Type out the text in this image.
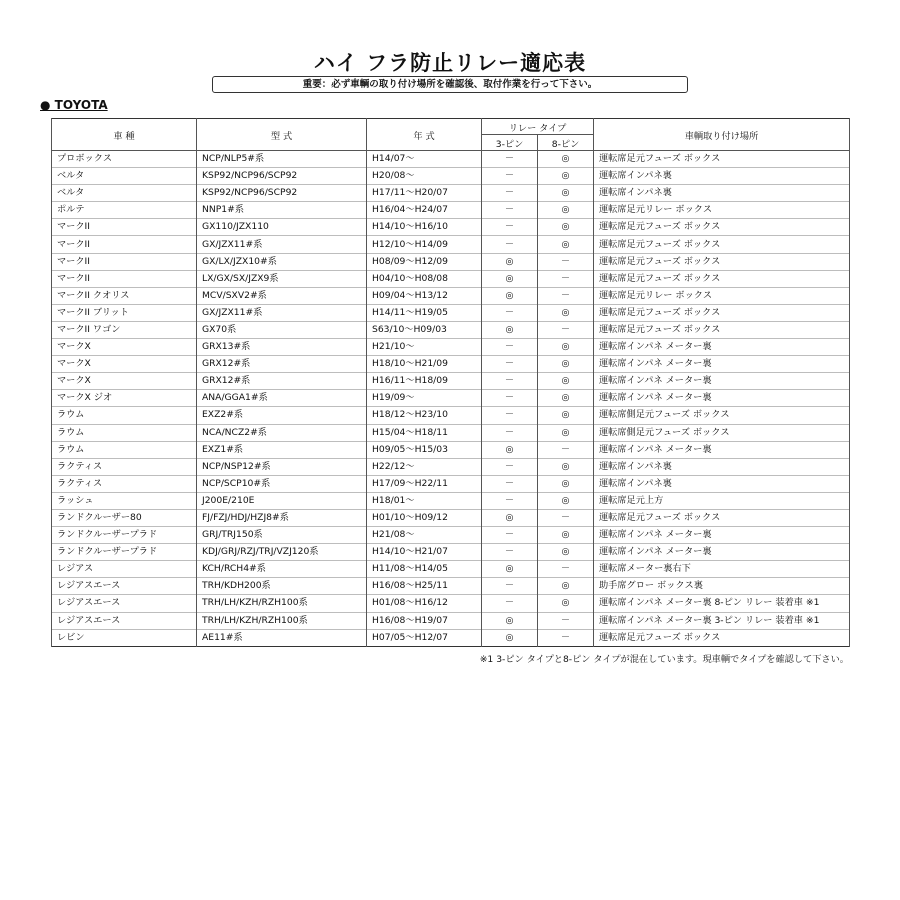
ハイ フラ防止リレー適応表
重要：必ず車輌の取り付け場所を確認後、取付作業を行って下さい。
● TOYOTA
車 種	型 式	年 式	リレー タイプ		車輌取り付け場所
			3-ピン	8-ピン	
プロボックス	NCP/NLP5#系	H14/07～	－	◎	運転席足元フューズ ボックス
ベルタ	KSP92/NCP96/SCP92	H20/08～	－	◎	運転席インパネ裏
ベルタ	KSP92/NCP96/SCP92	H17/11～H20/07	－	◎	運転席インパネ裏
ポルテ	NNP1#系	H16/04～H24/07	－	◎	運転席足元リレー ボックス
マークII	GX110/JZX110	H14/10～H16/10	－	◎	運転席足元フューズ ボックス
マークII	GX/JZX11#系	H12/10～H14/09	－	◎	運転席足元フューズ ボックス
マークII	GX/LX/JZX10#系	H08/09～H12/09	◎	－	運転席足元フューズ ボックス
マークII	LX/GX/SX/JZX9系	H04/10～H08/08	◎	－	運転席足元フューズ ボックス
マークII クオリス	MCV/SXV2#系	H09/04～H13/12	◎	－	運転席足元リレー ボックス
マークII ブリット	GX/JZX11#系	H14/11～H19/05	－	◎	運転席足元フューズ ボックス
マークII ワゴン	GX70系	S63/10～H09/03	◎	－	運転席足元フューズ ボックス
マークX	GRX13#系	H21/10～	－	◎	運転席インパネ メーター裏
マークX	GRX12#系	H18/10～H21/09	－	◎	運転席インパネ メーター裏
マークX	GRX12#系	H16/11～H18/09	－	◎	運転席インパネ メーター裏
マークX ジオ	ANA/GGA1#系	H19/09～	－	◎	運転席インパネ メーター裏
ラウム	EXZ2#系	H18/12～H23/10	－	◎	運転席側足元フューズ ボックス
ラウム	NCA/NCZ2#系	H15/04～H18/11	－	◎	運転席側足元フューズ ボックス
ラウム	EXZ1#系	H09/05～H15/03	◎	－	運転席インパネ メーター裏
ラクティス	NCP/NSP12#系	H22/12～	－	◎	運転席インパネ裏
ラクティス	NCP/SCP10#系	H17/09～H22/11	－	◎	運転席インパネ裏
ラッシュ	J200E/210E	H18/01～	－	◎	運転席足元上方
ランドクルーザー80	FJ/FZJ/HDJ/HZJ8#系	H01/10～H09/12	◎	－	運転席足元フューズ ボックス
ランドクルーザープラド	GRJ/TRJ150系	H21/08～	－	◎	運転席インパネ メーター裏
ランドクルーザープラド	KDJ/GRJ/RZJ/TRJ/VZJ120系	H14/10～H21/07	－	◎	運転席インパネ メーター裏
レジアス	KCH/RCH4#系	H11/08～H14/05	◎	－	運転席メーター裏右下
レジアスエース	TRH/KDH200系	H16/08～H25/11	－	◎	助手席グロー ボックス裏
レジアスエース	TRH/LH/KZH/RZH100系	H01/08～H16/12	－	◎	運転席インパネ メーター裏 8-ピン リレー 装着車 ※1
レジアスエース	TRH/LH/KZH/RZH100系	H16/08～H19/07	◎	－	運転席インパネ メーター裏 3-ピン リレー 装着車 ※1
レビン	AE11#系	H07/05～H12/07	◎	－	運転席足元フューズ ボックス
※1 3-ピン タイプと8-ピン タイプが混在しています。現車輌でタイプを確認して下さい。
